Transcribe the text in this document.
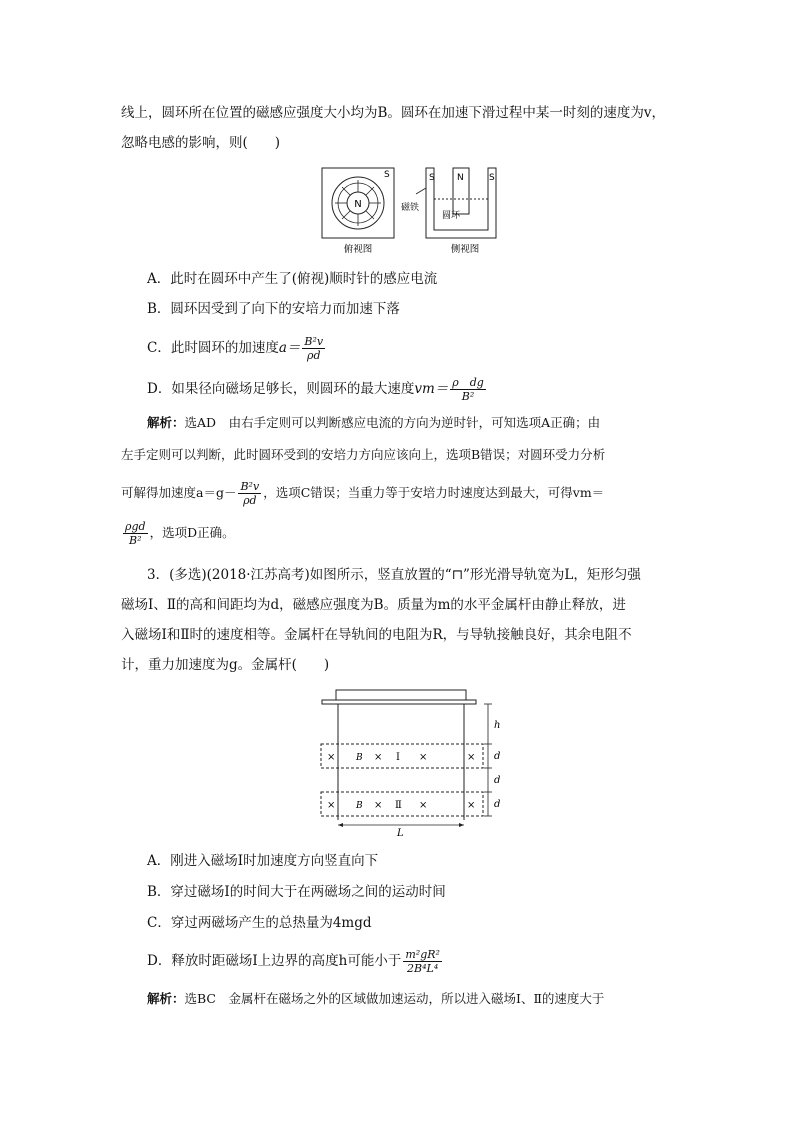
线上，圆环所在位置的磁感应强度大小均为B。圆环在加速下滑过程中某一时刻的速度为v，
忽略电感的影响，则(　　)
N
S	S N	S
磁铁
圆环
俯视图	侧视图
A．此时在圆环中产生了(俯视)顺时针的感应电流
B．圆环因受到了向下的安培力而加速下落
C．此时圆环的加速度$a= \frac{\text{B²v}}{\rho d}$
D．如果径向磁场足够长，则圆环的最大速度$vm= \frac{\text{ρ　dg}}{\text{B²}}$
解析：选AD　由右手定则可以判断感应电流的方向为逆时针，可知选项A正确；由
左手定则可以判断，此时圆环受到的安培力方向应该向上，选项B错误；对圆环受力分析
可解得加速度$a=g- \frac{\text{B²v}}{\rho d}$ ，选项C错误；当重力等于安培力时速度达到最大，可得vm＝
$\frac{\text{ρgd}}{\text{B²}}$ ，选项D正确。
3．(多选)(2018·江苏高考)如图所示，竖直放置的“⊓”形光滑导轨宽为L，矩形匀强
磁场Ⅰ、Ⅱ的高和间距均为d，磁感应强度为B。质量为m的水平金属杆由静止释放，进
入磁场Ⅰ和Ⅱ时的速度相等。金属杆在导轨间的电阻为R，与导轨接触良好，其余电阻不
计，重力加速度为g。金属杆(　　)
× B × Ⅰ ×	×
× B × Ⅱ ×	×
h
d
d
d
L
A．刚进入磁场Ⅰ时加速度方向竖直向下
B．穿过磁场Ⅰ的时间大于在两磁场之间的运动时间
C．穿过两磁场产生的总热量为4mgd
D．释放时距磁场Ⅰ上边界的高度h可能小于 $\frac{\text{m²gR²}}{\text{2B⁴L⁴}}$
解析：选BC　金属杆在磁场之外的区域做加速运动，所以进入磁场Ⅰ、Ⅱ的速度大于
